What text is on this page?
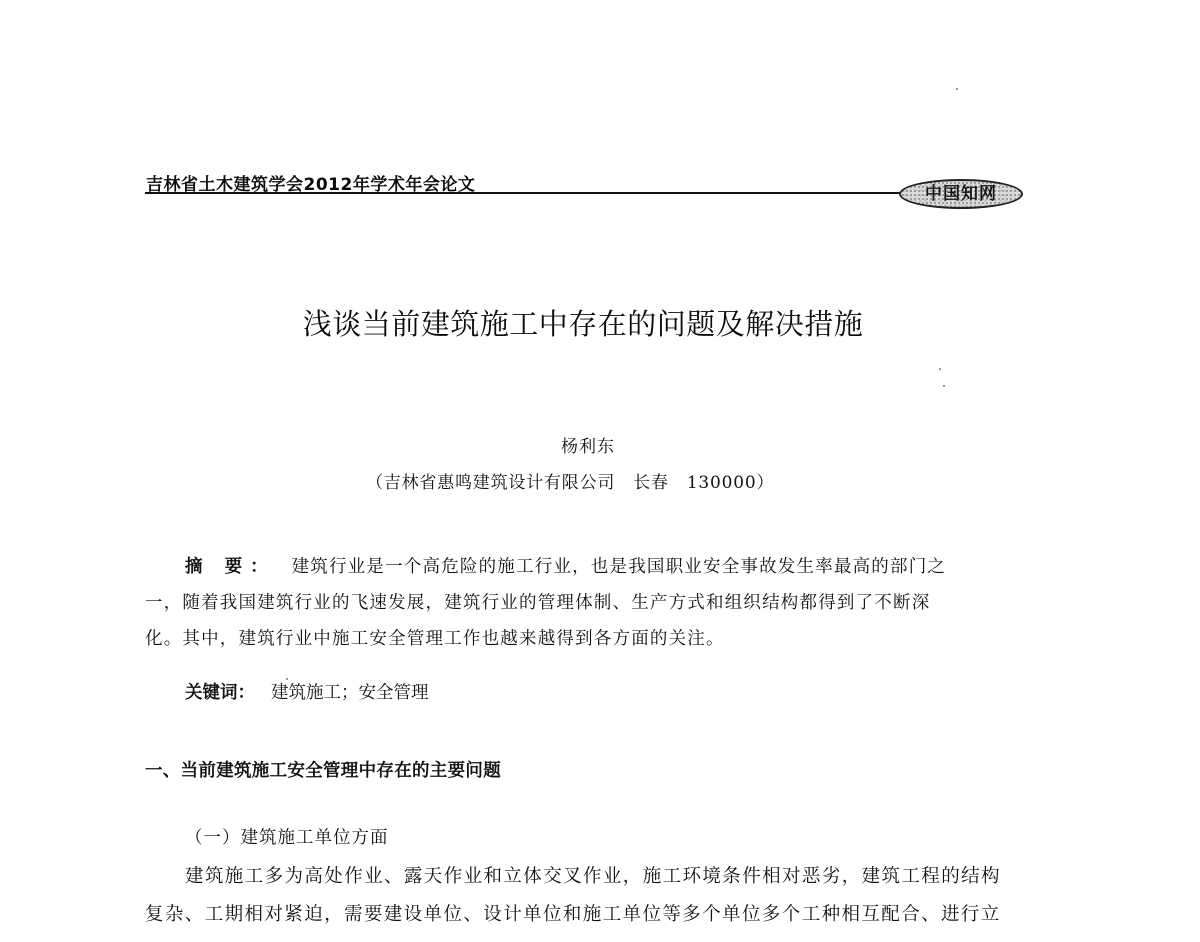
吉林省土木建筑学会2012年学术年会论文	中国知网
浅谈当前建筑施工中存在的问题及解决措施
杨利东
（吉林省惠鸣建筑设计有限公司 长春 130000）
摘 要： 建筑行业是一个高危险的施工行业，也是我国职业安全事故发生率最高的部门之
一，随着我国建筑行业的飞速发展，建筑行业的管理体制、生产方式和组织结构都得到了不断深
化。其中，建筑行业中施工安全管理工作也越来越得到各方面的关注。
关键词： 建筑施工；安全管理
一、当前建筑施工安全管理中存在的主要问题
（一）建筑施工单位方面
建筑施工多为高处作业、露天作业和立体交叉作业，施工环境条件相对恶劣，建筑工程的结构
复杂、工期相对紧迫，需要建设单位、设计单位和施工单位等多个单位多个工种相互配合、进行立
